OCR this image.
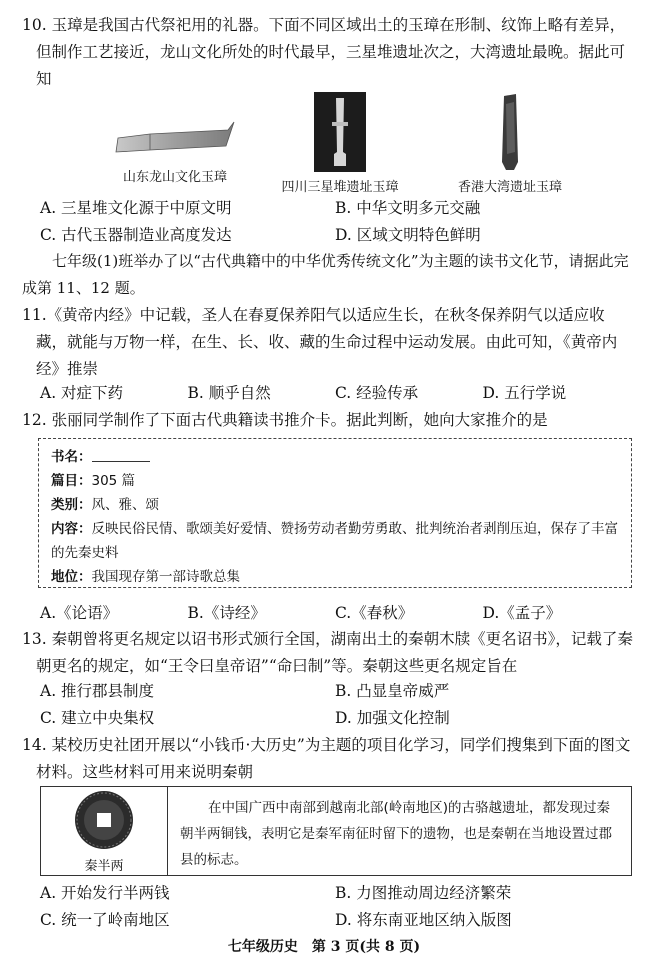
10. 玉璋是我国古代祭祀用的礼器。下面不同区域出土的玉璋在形制、纹饰上略有差异，但制作工艺接近，龙山文化所处的时代最早，三星堆遗址次之，大湾遗址最晚。据此可知

山东龙山文化玉璋
四川三星堆遗址玉璋	香港大湾遗址玉璋
A. 三星堆文化源于中原文明	B. 中华文明多元交融
C. 古代玉器制造业高度发达	D. 区域文明特色鲜明
七年级(1)班举办了以“古代典籍中的中华优秀传统文化”为主题的读书文化节，请据此完成第 11、12 题。

11.《黄帝内经》中记载，圣人在春夏保养阳气以适应生长，在秋冬保养阴气以适应收藏，就能与万物一样，在生、长、收、藏的生命过程中运动发展。由此可知，《黄帝内经》推崇

A. 对症下药	B. 顺乎自然	C. 经验传承	D. 五行学说

12. 张丽同学制作了下面古代典籍读书推介卡。据此判断，她向大家推介的是

书名：
篇目：305 篇
类别：风、雅、颂
内容：反映民俗民情、歌颂美好爱情、赞扬劳动者勤劳勇敢、批判统治者剥削压迫，保存了丰富的先秦史料
地位：我国现存第一部诗歌总集
A.《论语》	B.《诗经》	C.《春秋》	D.《孟子》

13. 秦朝曾将更名规定以诏书形式颁行全国，湖南出土的秦朝木牍《更名诏书》，记载了秦朝更名的规定，如“王令曰皇帝诏”“命曰制”等。秦朝这些更名规定旨在

A. 推行郡县制度	B. 凸显皇帝威严
C. 建立中央集权	D. 加强文化控制

14. 某校历史社团开展以“小钱币·大历史”为主题的项目化学习，同学们搜集到下面的图文材料。这些材料可用来说明秦朝

秦半两
在中国广西中南部到越南北部(岭南地区)的古骆越遗址，都发现过秦朝半两铜钱，表明它是秦军南征时留下的遗物，也是秦朝在当地设置过郡县的标志。
A. 开始发行半两钱	B. 力图推动周边经济繁荣
C. 统一了岭南地区	D. 将东南亚地区纳入版图
七年级历史　第 3 页(共 8 页)
